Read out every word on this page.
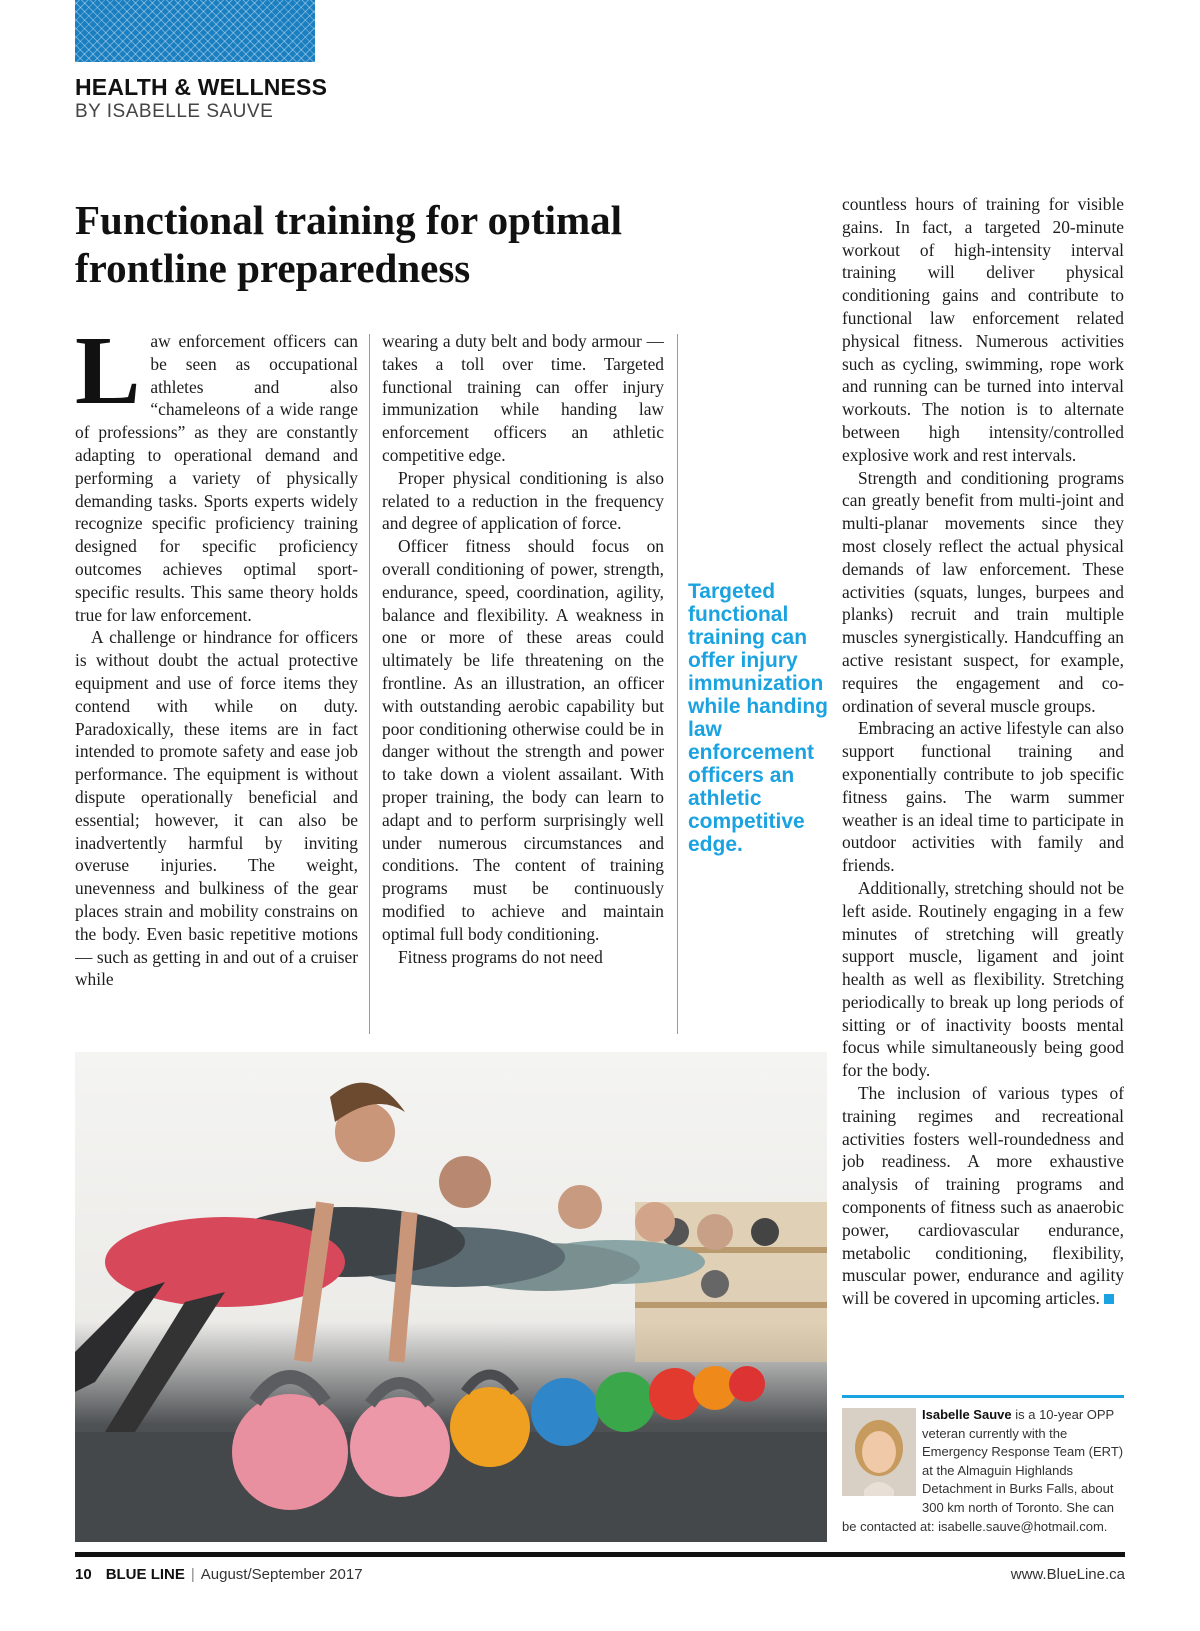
HEALTH & WELLNESS
BY ISABELLE SAUVE
Functional training for optimal frontline preparedness

Law enforcement officers can be seen as occupational athletes and also “chameleons of a wide range of professions” as they are constantly adapting to operational demand and performing a variety of physically demanding tasks. Sports experts widely recognize specific proficiency training designed for specific proficiency outcomes achieves optimal sport-specific results. This same theory holds true for law enforcement.

A challenge or hindrance for officers is without doubt the actual protective equipment and use of force items they contend with while on duty. Paradoxically, these items are in fact intended to promote safety and ease job performance. The equipment is without dispute operationally beneficial and essential; however, it can also be inadvertently harmful by inviting overuse injuries. The weight, unevenness and bulkiness of the gear places strain and mobility constrains on the body. Even basic repetitive motions — such as getting in and out of a cruiser while

wearing a duty belt and body armour — takes a toll over time. Targeted functional training can offer injury immunization while handing law enforcement officers an athletic competitive edge.

Proper physical conditioning is also related to a reduction in the frequency and degree of application of force.

Officer fitness should focus on overall conditioning of power, strength, endurance, speed, coordination, agility, balance and flexibility. A weakness in one or more of these areas could ultimately be life threatening on the frontline. As an illustration, an officer with outstanding aerobic capability but poor conditioning otherwise could be in danger without the strength and power to take down a violent assailant. With proper training, the body can learn to adapt and to perform surprisingly well under numerous circumstances and conditions. The content of training programs must be continuously modified to achieve and maintain optimal full body conditioning.

Fitness programs do not need

Targeted functional training can offer injury immunization while handing law enforcement officers an athletic competitive edge.

countless hours of training for visible gains. In fact, a targeted 20-minute workout of high-intensity interval training will deliver physical conditioning gains and contribute to functional law enforcement related physical fitness. Numerous activities such as cycling, swimming, rope work and running can be turned into interval workouts. The notion is to alternate between high intensity/controlled explosive work and rest intervals.

Strength and conditioning programs can greatly benefit from multi-joint and multi-planar movements since they most closely reflect the actual physical demands of law enforcement. These activities (squats, lunges, burpees and planks) recruit and train multiple muscles synergistically. Handcuffing an active resistant suspect, for example, requires the engagement and co-ordination of several muscle groups.

Embracing an active lifestyle can also support functional training and exponentially contribute to job specific fitness gains. The warm summer weather is an ideal time to participate in outdoor activities with family and friends.

Additionally, stretching should not be left aside. Routinely engaging in a few minutes of stretching will greatly support muscle, ligament and joint health as well as flexibility. Stretching periodically to break up long periods of sitting or of inactivity boosts mental focus while simultaneously being good for the body.

The inclusion of various types of training regimes and recreational activities fosters well-roundedness and job readiness. A more exhaustive analysis of training programs and components of fitness such as anaerobic power, cardiovascular endurance, metabolic conditioning, flexibility, muscular power, endurance and agility will be covered in upcoming articles.

Isabelle Sauve is a 10-year OPP veteran currently with the Emergency Response Team (ERT) at the Almaguin Highlands Detachment in Burks Falls, about 300 km north of Toronto. She can be contacted at: isabelle.sauve@hotmail.com.
10 BLUE LINE | August/September 2017	www.BlueLine.ca
